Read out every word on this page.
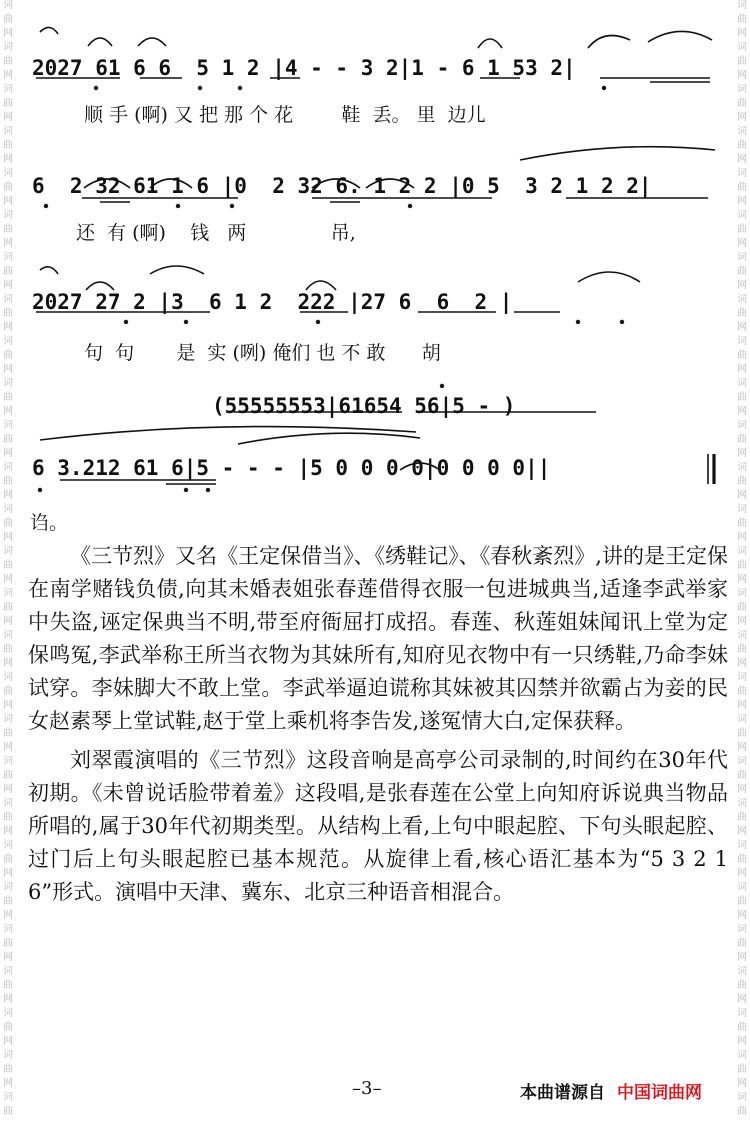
词
曲
网
词
曲
网
词
曲
网
词
曲
网
词
曲
网
词
曲
网
词
曲
网
词
曲
网
词
曲
网
词
曲
网
词
曲
网
词
曲
网
词
曲
网
词
曲
网
词
曲
网
词
曲
网
词
曲
网
词
曲
网
词
曲
网
词
曲
网
词
曲
网
词
曲
网
词
曲
网
词
曲
网
词
曲
网
词
曲
网
词
曲
词
曲
网
词
曲
网
词
曲
网
词
曲
网
词
曲
网
词
曲
网
词
曲
网
词
曲
网
词
曲
网
词
曲
网
词
曲
网
词
曲
网
词
曲
网
词
曲
网
词
曲
网
词
曲
网
词
曲
网
词
曲
网
词
曲
网
词
曲
网
词
曲
网
词
曲
网
词
曲
网
词
曲
网
词
曲
网
词
曲
网
词
曲

2027 61 6 6  5 1 2 |4 - - 3 2|1 - 6 1 53 2|

顺 手 (啊) 又 把 那 个 花        鞋  丢。 里  边儿

6  2 32 61 1 6 |0  2 32 6. 1 2 2 |0 5  3 2 1 2 2|

还  有 (啊)    钱   两              吊,

2027 27 2 |3  6 1 2  222 |27 6  6  2 |

句  句       是  实 (咧) 俺们 也 不 敢      胡

(55555553|61654 56|5 - )

6 3.212 61 6|5 - - - |5 0 0 0 0|0 0 0 0||

诌。

《三节烈》又名《王定保借当》、《绣鞋记》、《春秋紊烈》,讲的是王定保在南学赌钱负债,向其未婚表姐张春莲借得衣服一包进城典当,适逢李武举家中失盗,诬定保典当不明,带至府衙屈打成招。春莲、秋莲姐妹闻讯上堂为定保鸣冤,李武举称王所当衣物为其妹所有,知府见衣物中有一只绣鞋,乃命李妹试穿。李妹脚大不敢上堂。李武举逼迫谎称其妹被其囚禁并欲霸占为妾的民女赵素琴上堂试鞋,赵于堂上乘机将李告发,遂冤情大白,定保获释。

刘翠霞演唱的《三节烈》这段音响是高亭公司录制的,时间约在30年代初期。《未曾说话脸带着羞》这段唱,是张春莲在公堂上向知府诉说典当物品所唱的,属于30年代初期类型。从结构上看,上句中眼起腔、下句头眼起腔、过门后上句头眼起腔已基本规范。从旋律上看,核心语汇基本为“5 3 2 1 6”形式。演唱中天津、冀东、北京三种语音相混合。

–3–	本曲谱源自 中国词曲网
